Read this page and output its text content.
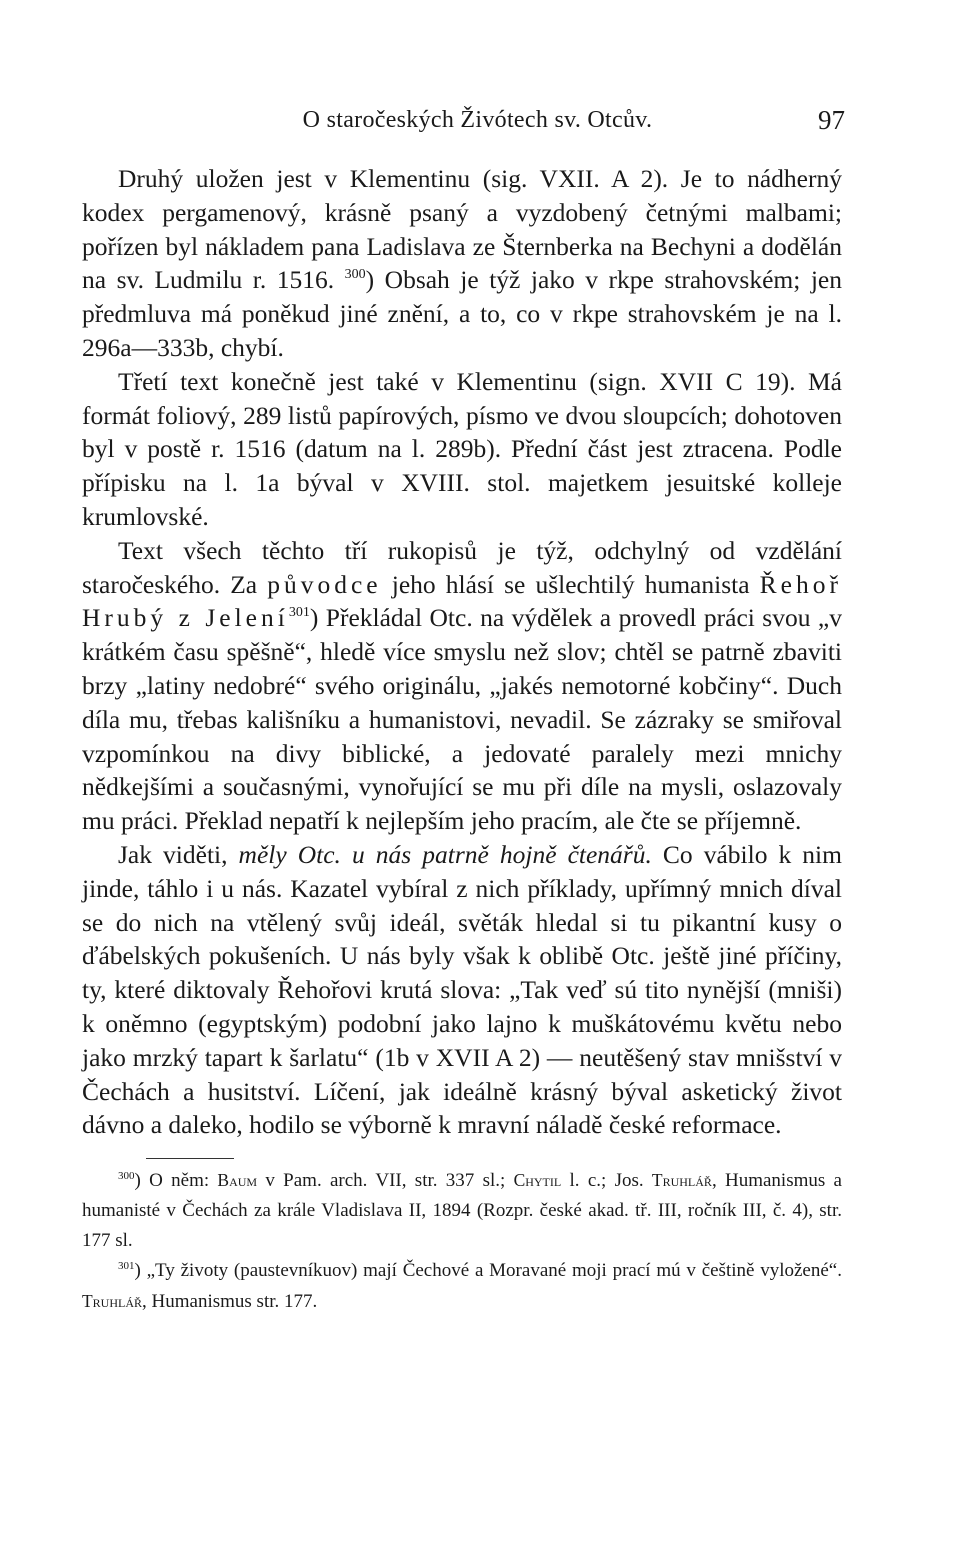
O staročeských Živótech sv. Otcův.	97

Druhý uložen jest v Klementinu (sig. VXII. A 2). Je to nádherný kodex pergamenový, krásně psaný a vyzdobený četnými malbami; pořízen byl nákladem pana Ladislava ze Šternberka na Bechyni a dodělán na sv. Ludmilu r. 1516. $^{300}$) Obsah je týž jako v rkpe strahovském; jen předmluva má poněkud jiné znění, a to, co v rkpe strahovském je na l. 296a—333b, chybí.

Třetí text konečně jest také v Klementinu (sign. XVII C 19). Má formát foliový, 289 listů papírových, písmo ve dvou sloupcích; dohotoven byl v postě r. 1516 (datum na l. 289b). Přední část jest ztracena. Podle přípisku na l. 1a býval v XVIII. stol. majetkem jesuitské kolleje krumlovské.

Text všech těchto tří rukopisů je týž, odchylný od vzdělání staročeského. Za původce jeho hlásí se ušlechtilý humanista Řehoř Hrubý z Jelení$^{301}$) Překládal Otc. na výdělek a provedl práci svou „v krátkém času spěšně“, hledě více smyslu než slov; chtěl se patrně zbaviti brzy „latiny nedobré“ svého originálu, „jakés nemotorné kobčiny“. Duch díla mu, třebas kališníku a humanistovi, nevadil. Se zázraky se smiřoval vzpomínkou na divy biblické, a jedovaté paralely mezi mnichy nědkejšími a současnými, vynořující se mu při díle na mysli, oslazovaly mu práci. Překlad nepatří k nejlepším jeho pracím, ale čte se příjemně.

Jak viděti, měly Otc. u nás patrně hojně čtenářů. Co vábilo k nim jinde, táhlo i u nás. Kazatel vybíral z nich příklady, upřímný mnich díval se do nich na vtělený svůj ideál, světák hledal si tu pikantní kusy o ďábelských pokušeních. U nás byly však k oblibě Otc. ještě jiné příčiny, ty, které diktovaly Řehořovi krutá slova: „Tak veď sú tito nynější (mniši) k oněmno (egyptským) podobní jako lajno k muškátovému květu nebo jako mrzký tapart k šarlatu“ (1b v XVII A 2) — neutěšený stav mnišství v Čechách a husitství. Líčení, jak ideálně krásný býval asketický život dávno a daleko, hodilo se výborně k mravní náladě české reformace.

$^{300}$) O něm: Baum v Pam. arch. VII, str. 337 sl.; Chytil l. c.; Jos. Truhlář, Humanismus a humanisté v Čechách za krále Vladislava II, 1894 (Rozpr. české akad. tř. III, ročník III, č. 4), str. 177 sl.

$^{301}$) „Ty životy (paustevníkuov) mají Čechové a Moravané moji prací mú v češtině vyložené“. Truhlář, Humanismus str. 177.
